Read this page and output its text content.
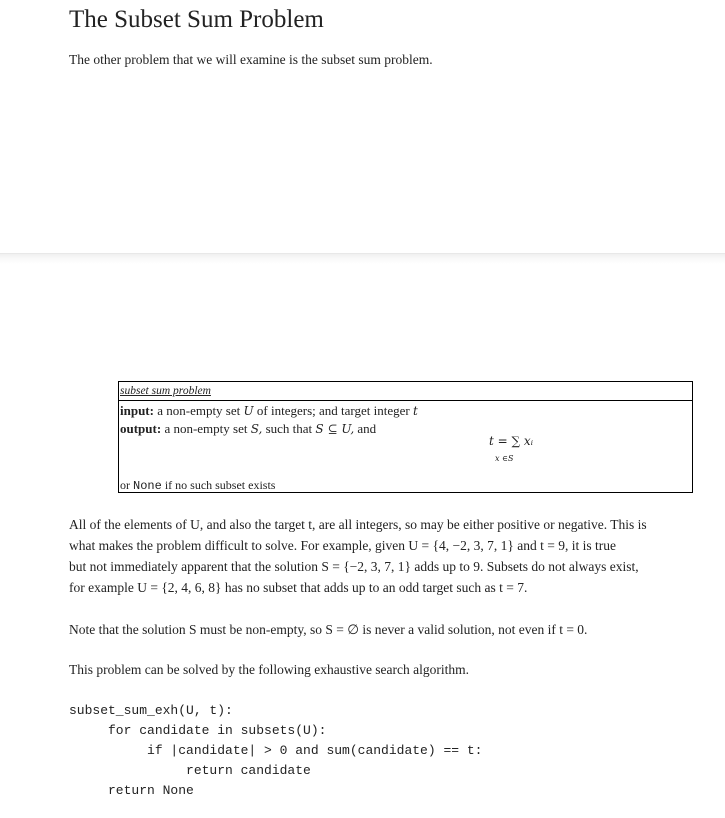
The Subset Sum Problem

The other problem that we will examine is the subset sum problem.

subset sum problem
input: a non-empty set U of integers; and target integer t
output: a non-empty set S, such that S ⊆ U, and
t = ∑ xᵢ
x ∈S
or None if no such subset exists

All of the elements of U, and also the target t, are all integers, so may be either positive or negative. This is

what makes the problem difficult to solve. For example, given U = {4, −2, 3, 7, 1} and t = 9, it is true

but not immediately apparent that the solution S = {−2, 3, 7, 1} adds up to 9. Subsets do not always exist,

for example U = {2, 4, 6, 8} has no subset that adds up to an odd target such as t = 7.

Note that the solution S must be non-empty, so S = ∅ is never a valid solution, not even if t = 0.

This problem can be solved by the following exhaustive search algorithm.

subset_sum_exh(U, t):
for candidate in subsets(U):
if |candidate| > 0 and sum(candidate) == t:
return candidate
return None
